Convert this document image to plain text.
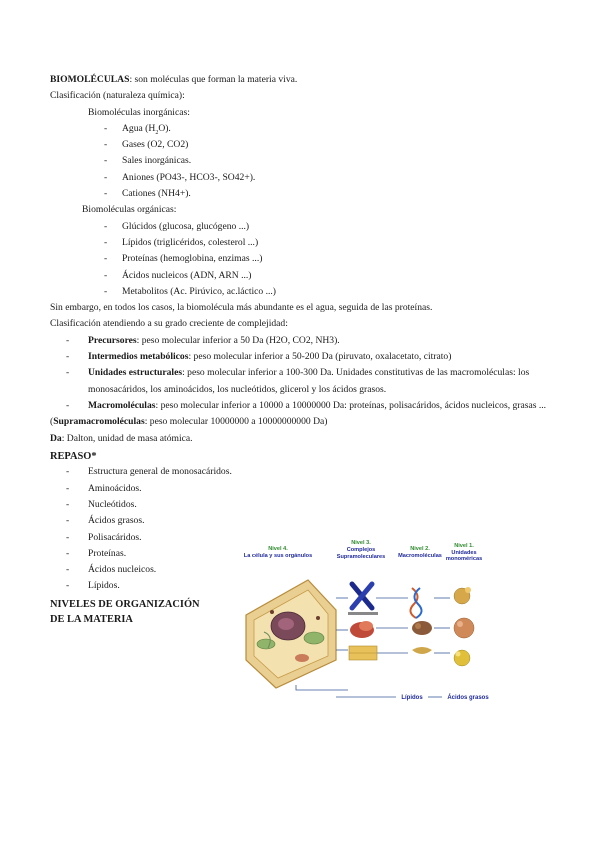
BIOMOLÉCULAS: son moléculas que forman la materia viva.
Clasificación (naturaleza química):
Biomoléculas inorgánicas:
- Agua $(H_2O)$.
- Gases (O2, CO2)
- Sales inorgánicas.
- Aniones (PO43-, HCO3-, SO42+).
- Cationes (NH4+).
Biomoléculas orgánicas:
- Glúcidos (glucosa, glucógeno ...)
- Lípidos (triglicéridos, colesterol ...)
- Proteínas (hemoglobina, enzimas ...)
- Ácidos nucleicos (ADN, ARN ...)
- Metabolitos (Ac. Pirúvico, ac.láctico ...)
Sin embargo, en todos los casos, la biomolécula más abundante es el agua, seguida de las proteínas.
Clasificación atendiendo a su grado creciente de complejidad:
- Precursores: peso molecular inferior a 50 Da (H2O, CO2, NH3).
- Intermedios metabólicos: peso molecular inferior a 50-200 Da (piruvato, oxalacetato, citrato)
- Unidades estructurales: peso molecular inferior a 100-300 Da. Unidades constitutivas de las macromoléculas: los monosacáridos, los aminoácidos, los nucleótidos, glicerol y los ácidos grasos.
- Macromoléculas: peso molecular inferior a 10000 a 10000000 Da: proteínas, polisacáridos, ácidos nucleicos, grasas ...
(Supramacromoléculas: peso molecular 10000000 a 10000000000 Da)
Da: Dalton, unidad de masa atómica.
REPASO*
- Estructura general de monosacáridos.
- Aminoácidos.
- Nucleótidos.
- Ácidos grasos.
- Polisacáridos.
- Proteínas.
- Ácidos nucleicos.
- Lípidos.
NIVELES DE ORGANIZACIÓN
DE LA MATERIA
Nivel 4.
La célula y sus orgánulos
Nivel 3.
Complejos
Supramoleculares
Nivel 2.
Macromoléculas
Nivel 1.
Unidades
monoméricas
Lípidos	Ácidos grasos
